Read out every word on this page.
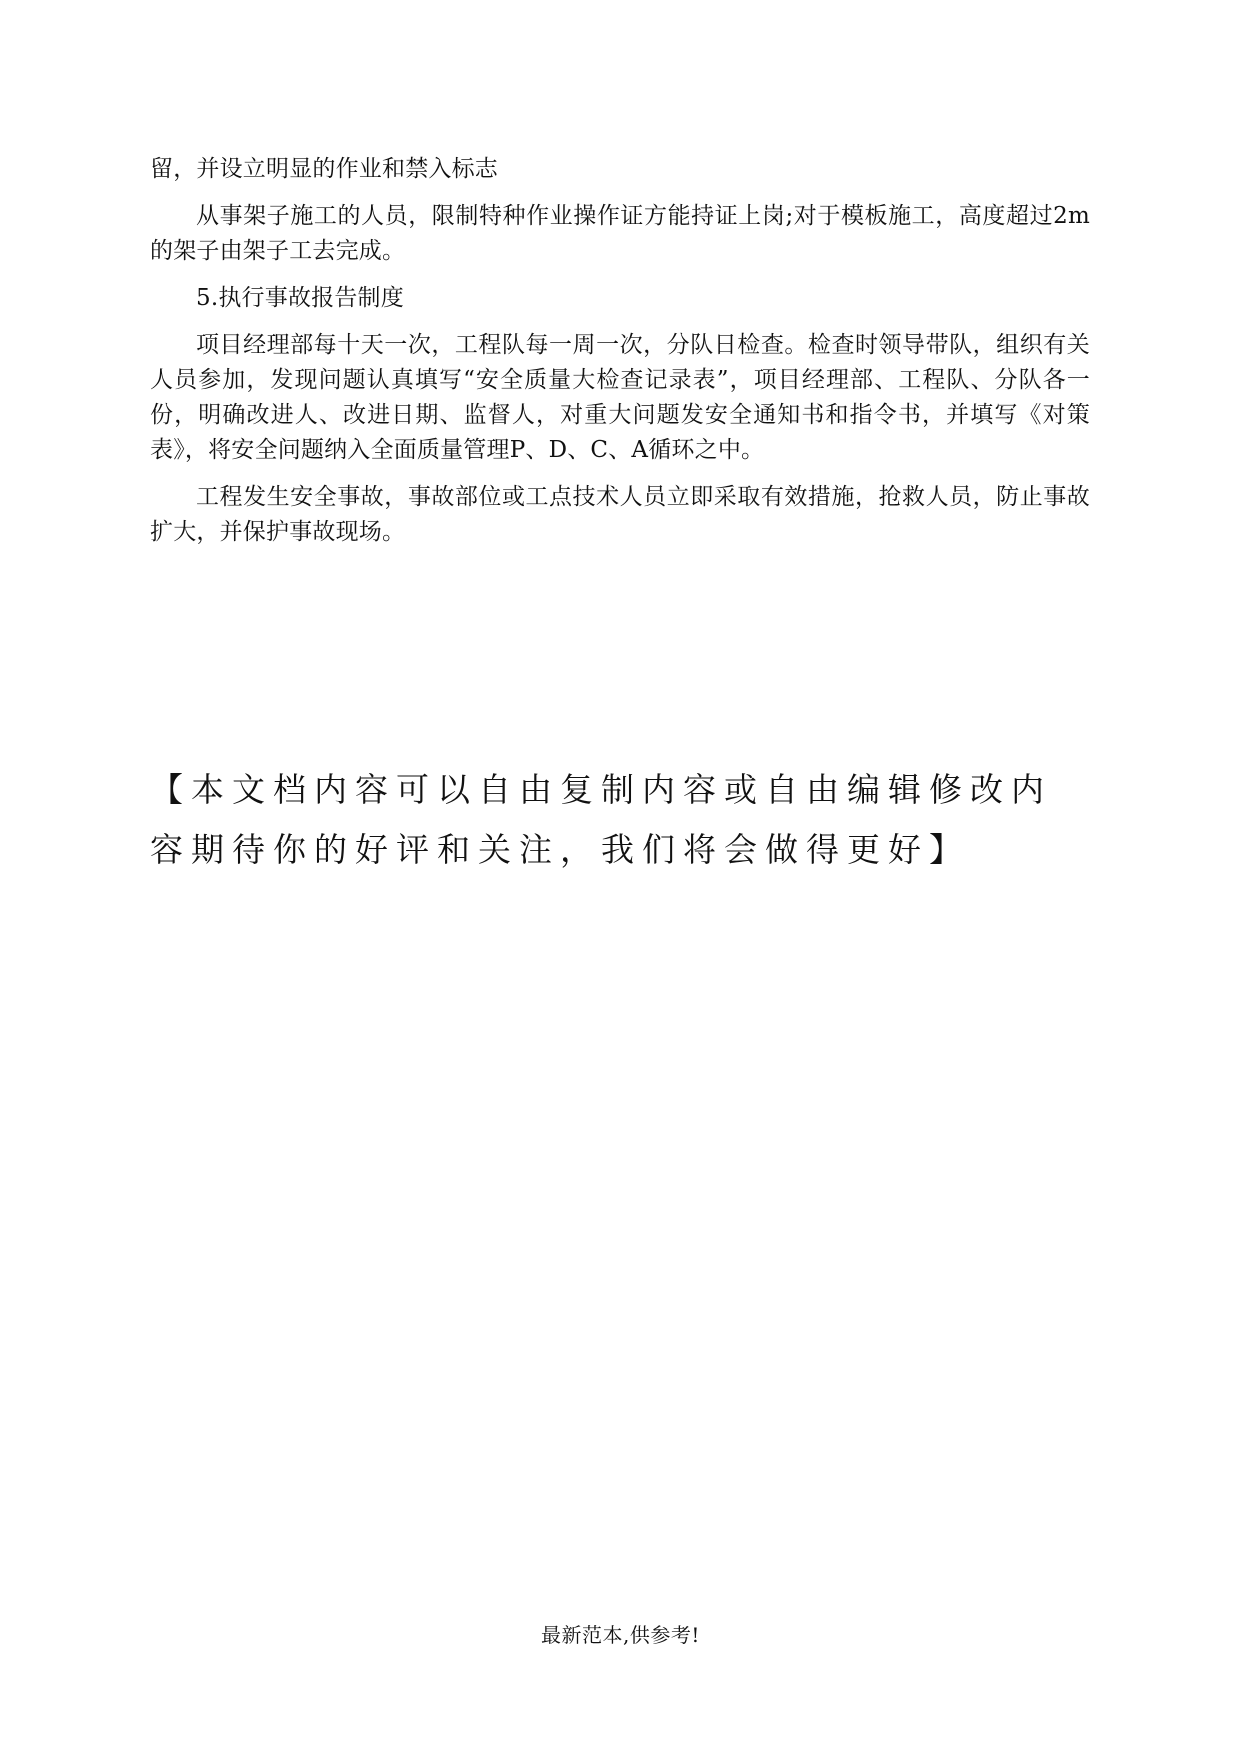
留，并设立明显的作业和禁入标志

从事架子施工的人员，限制特种作业操作证方能持证上岗;对于模板施工，高度超过2m的架子由架子工去完成。

5.执行事故报告制度

项目经理部每十天一次，工程队每一周一次，分队日检查。检查时领导带队，组织有关人员参加，发现问题认真填写“安全质量大检查记录表”，项目经理部、工程队、分队各一份，明确改进人、改进日期、监督人，对重大问题发安全通知书和指令书，并填写《对策表》，将安全问题纳入全面质量管理P、D、C、A循环之中。

工程发生安全事故，事故部位或工点技术人员立即采取有效措施，抢救人员，防止事故扩大，并保护事故现场。

【本文档内容可以自由复制内容或自由编辑修改内容期待你的好评和关注，我们将会做得更好】

最新范本,供参考!
